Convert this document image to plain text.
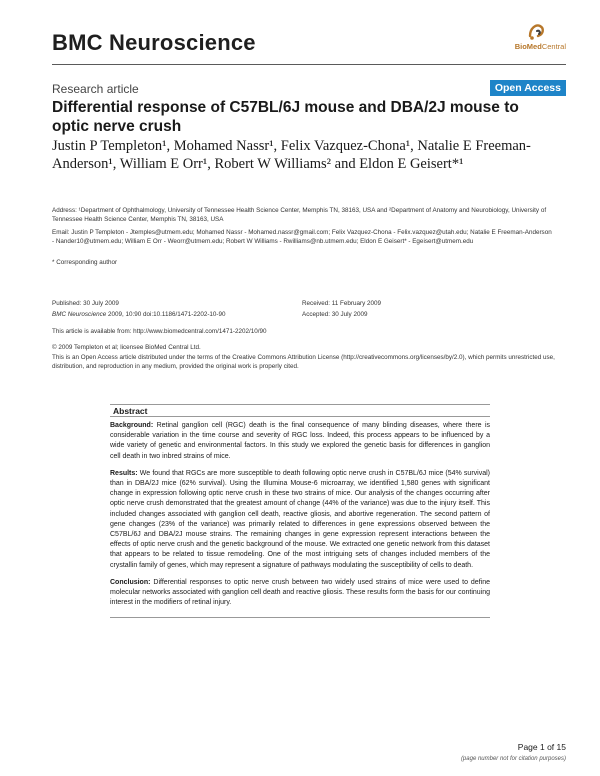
BMC Neuroscience	BioMedCentral
Research article	Open Access
Differential response of C57BL/6J mouse and DBA/2J mouse to optic nerve crush
Justin P Templeton¹, Mohamed Nassr¹, Felix Vazquez-Chona¹, Natalie E Freeman-Anderson¹, William E Orr¹, Robert W Williams² and Eldon E Geisert*¹
Address: ¹Department of Ophthalmology, University of Tennessee Health Science Center, Memphis TN, 38163, USA and ²Department of Anatomy and Neurobiology, University of Tennessee Health Science Center, Memphis TN, 38163, USA
Email: Justin P Templeton - Jtemples@utmem.edu; Mohamed Nassr - Mohamed.nassr@gmail.com; Felix Vazquez-Chona - Felix.vazquez@utah.edu; Natalie E Freeman-Anderson - Nander10@utmem.edu; William E Orr - Weorr@utmem.edu; Robert W Williams - Rwilliams@nb.utmem.edu; Eldon E Geisert* - Egeisert@utmem.edu
* Corresponding author
Published: 30 July 2009
BMC Neuroscience 2009, 10:90 doi:10.1186/1471-2202-10-90
Received: 11 February 2009
Accepted: 30 July 2009
This article is available from: http://www.biomedcentral.com/1471-2202/10/90
© 2009 Templeton et al; licensee BioMed Central Ltd.
This is an Open Access article distributed under the terms of the Creative Commons Attribution License (http://creativecommons.org/licenses/by/2.0), which permits unrestricted use, distribution, and reproduction in any medium, provided the original work is properly cited.
Abstract

Background: Retinal ganglion cell (RGC) death is the final consequence of many blinding diseases, where there is considerable variation in the time course and severity of RGC loss. Indeed, this process appears to be influenced by a wide variety of genetic and environmental factors. In this study we explored the genetic basis for differences in ganglion cell death in two inbred strains of mice.

Results: We found that RGCs are more susceptible to death following optic nerve crush in C57BL/6J mice (54% survival) than in DBA/2J mice (62% survival). Using the Illumina Mouse-6 microarray, we identified 1,580 genes with significant change in expression following optic nerve crush in these two strains of mice. Our analysis of the changes occurring after optic nerve crush demonstrated that the greatest amount of change (44% of the variance) was due to the injury itself. This included changes associated with ganglion cell death, reactive gliosis, and abortive regeneration. The second pattern of gene changes (23% of the variance) was primarily related to differences in gene expressions observed between the C57BL/6J and DBA/2J mouse strains. The remaining changes in gene expression represent interactions between the effects of optic nerve crush and the genetic background of the mouse. We extracted one genetic network from this dataset that appears to be related to tissue remodeling. One of the most intriguing sets of changes included members of the crystallin family of genes, which may represent a signature of pathways modulating the susceptibility of cells to death.

Conclusion: Differential responses to optic nerve crush between two widely used strains of mice were used to define molecular networks associated with ganglion cell death and reactive gliosis. These results form the basis for our continuing interest in the modifiers of retinal injury.

Page 1 of 15
(page number not for citation purposes)
